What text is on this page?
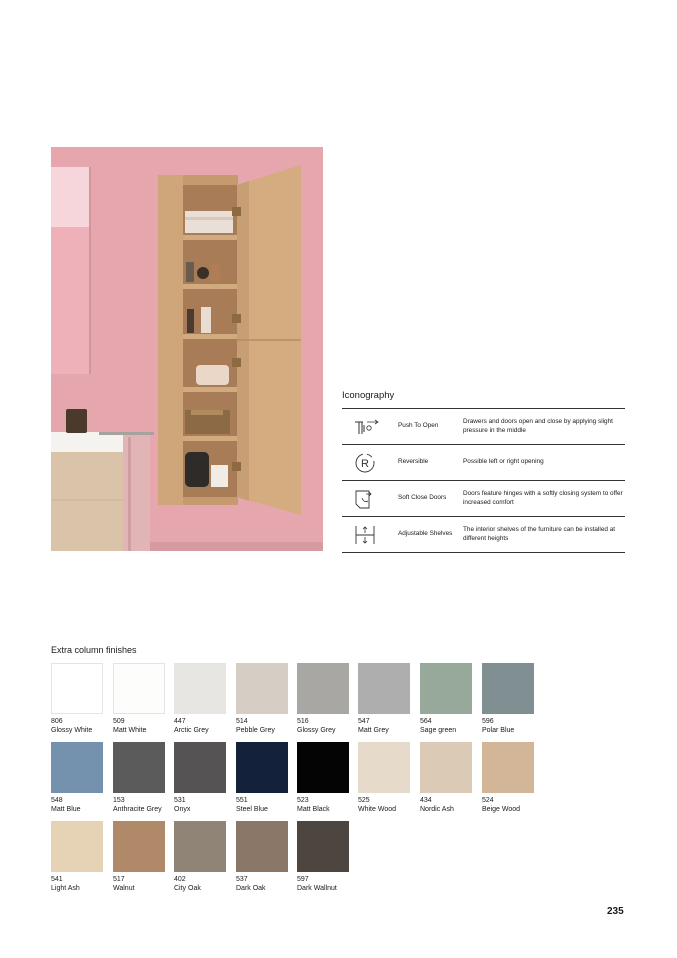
Iconography
Push To Open
Drawers and doors open and close by applying slight pressure in the middle
R	Reversible	Possible left or right opening
Soft Close Doors
Doors feature hinges with a softly closing system to offer increased comfort
Adjustable Shelves
The interior shelves of the furniture can be installed at different heights
Extra column finishes
806
Glossy White
509
Matt White
447
Arctic Grey
514
Pebble Grey
516
Glossy Grey
547
Matt Grey
564
Sage green
596
Polar Blue
548
Matt Blue
153
Anthracite Grey
531
Onyx
551
Steel Blue
523
Matt Black
525
White Wood
434
Nordic Ash
524
Beige Wood
541
Light Ash
517
Walnut
402
City Oak
537
Dark Oak
597
Dark Wallnut
235
